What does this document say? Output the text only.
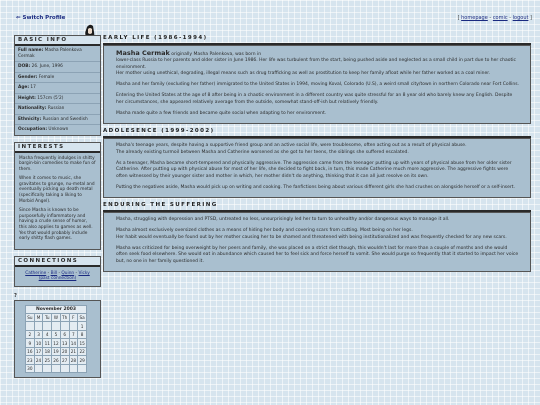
⇐ Switch Profile	[ homepage - comic - logout ]
BASIC INFO
Full name: Masha Palenkova Cermak
DOB: 26. June, 1996
Gender: Female
Age: 17
Height: 157cm (5'2)
Nationality: Russian
Ethnicity: Russian and Swedish
Occupation: Unknown
INTERESTS

Masha frequently indulges in shitty bargin-bin comedies to make fun of them.

When it comes to music, she gravitates to grunge, nu-metal and eventually picking up death metal (specifically taking a liking to Morbid Angel).

Since Masha is known to be purposefully inflammatory and having a crude sense of humor, this also applies to games as well. Yes that would probably include early shitty flash games.

CONNECTIONS
Catherine - Bill - Quinn - Vicky
(past connection)
?
November 2003						
Su	M	Tu	W	Th	F	Sa
						1
2	3	4	5	6	7	8
9	10	11	12	13	14	15
16	17	18	19	20	21	22
23	24	25	26	27	28	29
30						
EARLY LIFE (1986-1994)

Masha Cermak originally Masha Palenkova, was born in
lower-class Russia to her parents and older sister in June 1986. Her life was turbulent from the start, being pushed aside and neglected as a small child in part due to her chaotic environment.
Her mother using unethical, degrading, illegal means such as drug trafficking as well as prostitution to keep her family afloat while her father worked as a coal miner.

Masha and her family (excluding her father) immigrated to the United States in 1994, moving Koval, Colorado (U.S), a weird small city/town in northern Colorado near Fort Collins.

Entering the United States at the age of 8 after being in a chaotic environment in a different country was quite stressful for an 8 year old who barely knew any English. Despite her circumstances, she appeared relatively average from the outside, somewhat stand-off-ish but relatively friendly.

Masha made quite a few friends and became quite social when adapting to her environment.

ADOLESENCE (1999-2002)

Masha's teenage years, despite having a supportive friend group and an active social life, were troublesome, often acting out as a result of physical abuse.
The already existing turmoil between Masha and Catherine worsened as she got to her teens, the siblings she suffered escalated.

As a teenager, Masha became short-tempered and physically aggressive. The aggression came from the teenager putting up with years of physical abuse from her older sister Catherine. After putting up with physical abuse for most of her life, she decided to fight back, in turn, this made Catherine much more aggressive. The aggressive fights were often witnessed by their younger sister and mother in which, her mother didn't do anything, thinking that it can all just resolve on its own.

Putting the negatives aside, Masha would pick up on writing and cooking. The fanfictions being about various different girls she had crushes on alongside herself or a self-insert.

ENDURING THE SUFFERING

Masha, struggling with depression and PTSD, untreated no less, unsurprisingly led her to turn to unhealthy and/or dangerous ways to manage it all.

Masha almost exclusively oversized clothes as a means of hiding her body and covering scars from cutting. Most being on her legs.
Her habit would eventually be found out by her mother causing her to be shamed and threatened with being institutionalized and was frequently checked for any new scars.

Masha was criticized for being overweight by her peers and family, she was placed on a strict diet though, this wouldn't last for more than a couple of months and she would often seek food elsewhere. She would eat in abundance which caused her to feel sick and force herself to vomit. She would purge so frequently that it started to impact her voice but, no one in her family questioned it.
